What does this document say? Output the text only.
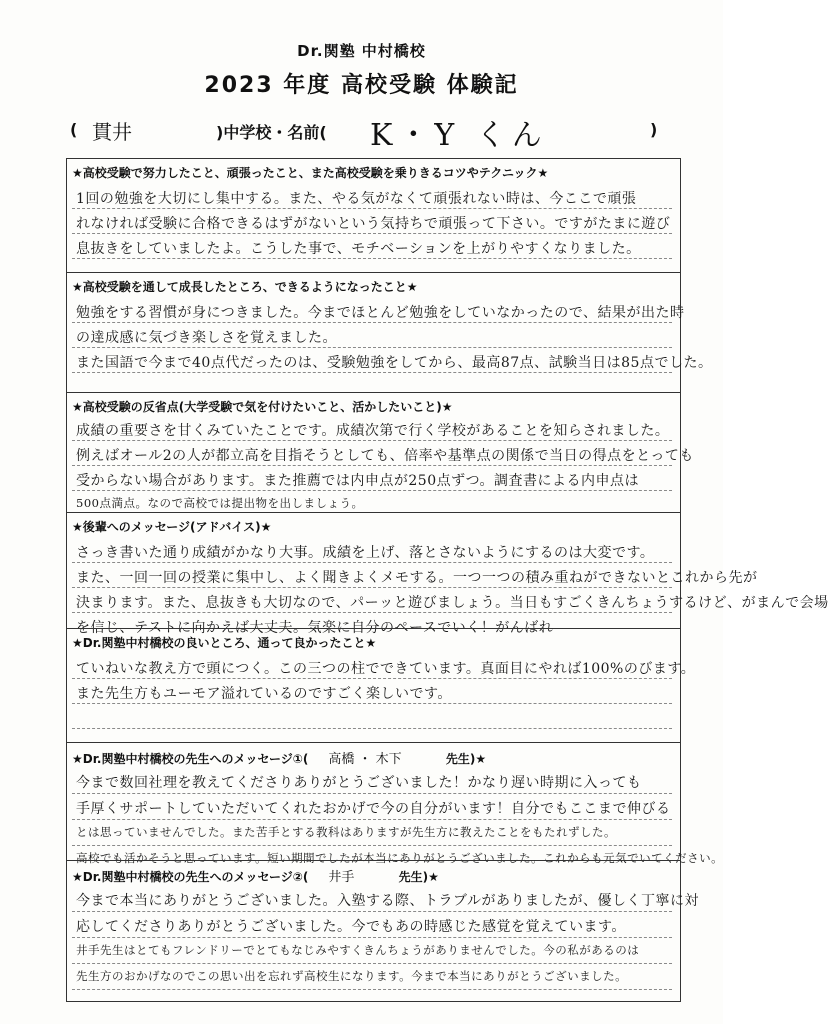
Dr.関塾 中村橋校
2023 年度 高校受験 体験記
( 貫井	)中学校・名前( K・Y くん	)
★高校受験で努力したこと、頑張ったこと、また高校受験を乗りきるコツやテクニック★
1回の勉強を大切にし集中する。また、やる気がなくて頑張れない時は、今ここで頑張
れなければ受験に合格できるはずがないという気持ちで頑張って下さい。ですがたまに遊び
息抜きをしていましたよ。こうした事で、モチベーションを上がりやすくなりました。
★高校受験を通して成長したところ、できるようになったこと★
勉強をする習慣が身につきました。今までほとんど勉強をしていなかったので、結果が出た時
の達成感に気づき楽しさを覚えました。
また国語で今まで40点代だったのは、受験勉強をしてから、最高87点、試験当日は85点でした。
★高校受験の反省点(大学受験で気を付けたいこと、活かしたいこと)★
成績の重要さを甘くみていたことです。成績次第で行く学校があることを知らされました。
例えばオール2の人が都立高を目指そうとしても、倍率や基準点の関係で当日の得点をとっても
受からない場合があります。また推薦では内申点が250点ずつ。調査書による内申点は
500点満点。なので高校では提出物を出しましょう。
★後輩へのメッセージ(アドバイス)★
さっき書いた通り成績がかなり大事。成績を上げ、落とさないようにするのは大変です。
また、一回一回の授業に集中し、よく聞きよくメモする。一つ一つの積み重ねができないとこれから先が
決まります。また、息抜きも大切なので、パーッと遊びましょう。当日もすごくきんちょうするけど、がまんで会場
を信じ、テストに向かえば大丈夫。気楽に自分のペースでいく！がんばれ
★Dr.関塾中村橋校の良いところ、通って良かったこと★
ていねいな教え方で頭につく。この三つの柱でできています。真面目にやれば100%のびます。
また先生方もユーモア溢れているのですごく楽しいです。
★Dr.関塾中村橋校の先生へのメッセージ①( 高橋 ・ 木下	先生)★
今まで数回社理を教えてくださりありがとうございました！かなり遅い時期に入っても
手厚くサポートしていただいてくれたおかげで今の自分がいます！自分でもここまで伸びる
とは思っていませんでした。また苦手とする教科はありますが先生方に教えたことをもたれずした。
高校でも活かそうと思っています。短い期間でしたが本当にありがとうございました。これからも元気でいてください。
★Dr.関塾中村橋校の先生へのメッセージ②( 井手	先生)★
今まで本当にありがとうございました。入塾する際、トラブルがありましたが、優しく丁寧に対
応してくださりありがとうございました。今でもあの時感じた感覚を覚えています。
井手先生はとてもフレンドリーでとてもなじみやすくきんちょうがありませんでした。今の私があるのは
先生方のおかげなのでこの思い出を忘れず高校生になります。今まで本当にありがとうございました。
